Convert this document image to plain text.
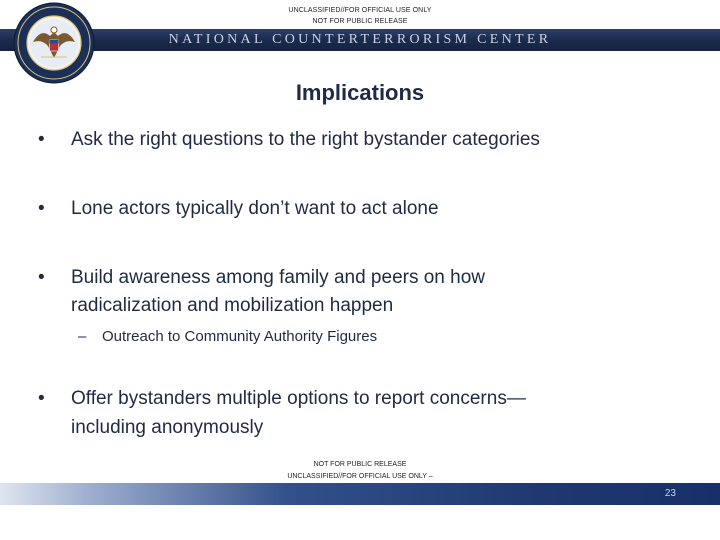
UNCLASSIFIED//FOR OFFICIAL USE ONLY
NOT FOR PUBLIC RELEASE
NATIONAL COUNTERTERRORISM CENTER
Implications
• Ask the right questions to the right bystander categories
• Lone actors typically don’t want to act alone
• Build awareness among family and peers on how
radicalization and mobilization happen
– Outreach to Community Authority Figures
• Offer bystanders multiple options to report concerns—
including anonymously
NOT FOR PUBLIC RELEASE
UNCLASSIFIED//FOR OFFICIAL USE ONLY –
23
